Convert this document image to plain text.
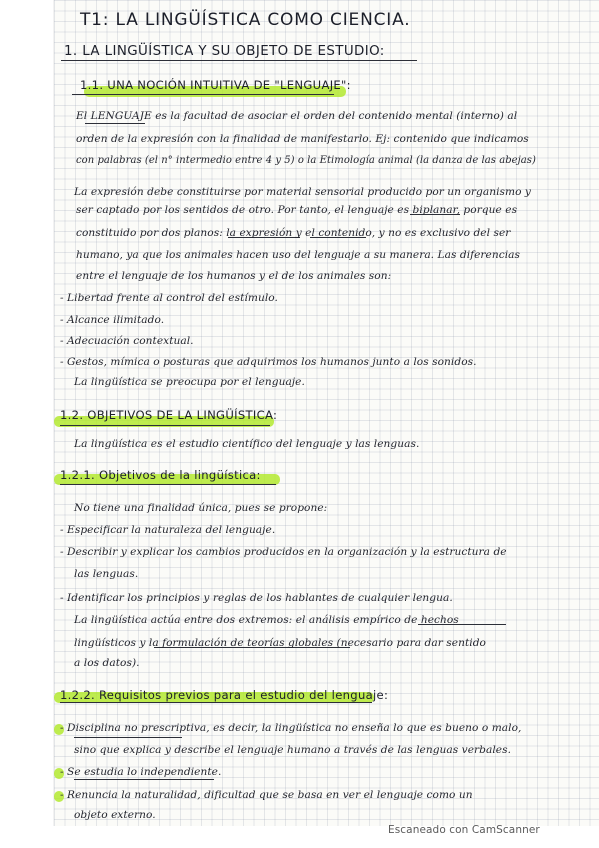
T1: LA LINGÜÍSTICA COMO CIENCIA.

1. LA LINGÜÍSTICA Y SU OBJETO DE ESTUDIO:

1.1. UNA NOCIÓN INTUITIVA DE "LENGUAJE":

El LENGUAJE es la facultad de asociar el orden del contenido mental (interno) al

orden de la expresión con la finalidad de manifestarlo. Ej: contenido que indicamos

con palabras (el n° intermedio entre 4 y 5) o la Etimología animal (la danza de las abejas)

La expresión debe constituirse por material sensorial producido por un organismo y

ser captado por los sentidos de otro. Por tanto, el lenguaje es biplanar, porque es

constituido por dos planos: la expresión y el contenido, y no es exclusivo del ser

humano, ya que los animales hacen uso del lenguaje a su manera. Las diferencias

entre el lenguaje de los humanos y el de los animales son:

- Libertad frente al control del estímulo.

- Alcance ilimitado.

- Adecuación contextual.

- Gestos, mímica o posturas que adquirimos los humanos junto a los sonidos.

La lingüística se preocupa por el lenguaje.

1.2. OBJETIVOS DE LA LINGÜÍSTICA:

La lingüística es el estudio científico del lenguaje y las lenguas.

1.2.1. Objetivos de la lingüística:

No tiene una finalidad única, pues se propone:

- Especificar la naturaleza del lenguaje.

- Describir y explicar los cambios producidos en la organización y la estructura de

las lenguas.

- Identificar los principios y reglas de los hablantes de cualquier lengua.

La lingüística actúa entre dos extremos: el análisis empírico de hechos

lingüísticos y la formulación de teorías globales (necesario para dar sentido

a los datos).

1.2.2. Requisitos previos para el estudio del lenguaje:

- Disciplina no prescriptiva, es decir, la lingüística no enseña lo que es bueno o malo,

sino que explica y describe el lenguaje humano a través de las lenguas verbales.

- Se estudia lo independiente.

- Renuncia la naturalidad, dificultad que se basa en ver el lenguaje como un

objeto externo.

Escaneado con CamScanner
